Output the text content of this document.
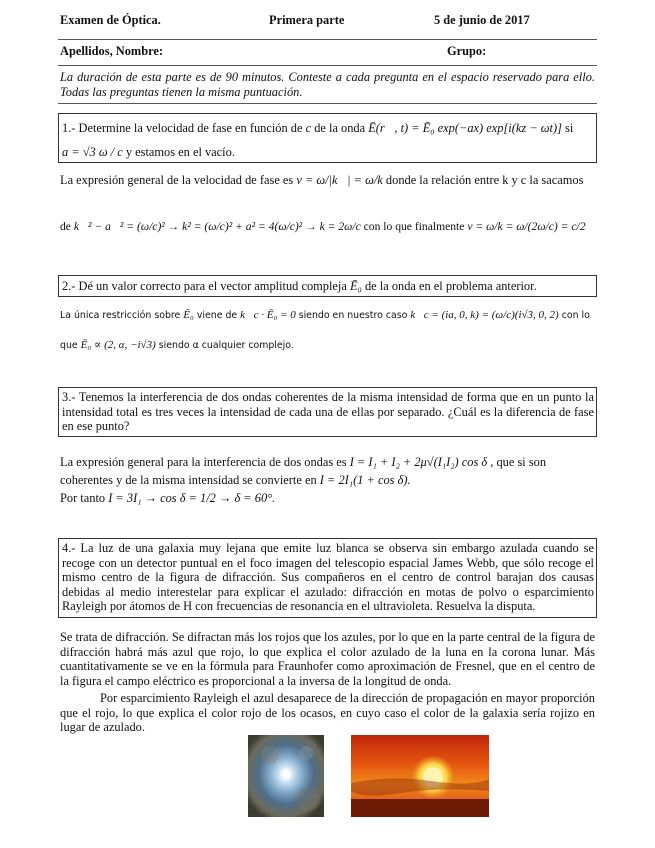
Examen de Óptica.	Primera parte	5 de junio de 2017
Apellidos, Nombre:	Grupo:
La duración de esta parte es de 90 minutos. Conteste a cada pregunta en el espacio reservado para ello. Todas las preguntas tienen la misma puntuación.
1.- Determine la velocidad de fase en función de c de la onda Ē(r⃗, t) = Ē₀ exp(−ax) exp[i(kz − ωt)] si
a = √3 ω / c y estamos en el vacío.
La expresión general de la velocidad de fase es v = ω/|k⃗| = ω/k donde la relación entre k y c la sacamos
de k⃗² − a⃗² = (ω/c)² → k² = (ω/c)² + a² = 4(ω/c)² → k = 2ω/c con lo que finalmente v = ω/k = ω/(2ω/c) = c/2
2.- Dé un valor correcto para el vector amplitud compleja Ē₀ de la onda en el problema anterior.
La única restricción sobre Ē₀ viene de k⃗c · Ē₀ = 0 siendo en nuestro caso k⃗c = (ia, 0, k) = (ω/c)(i√3, 0, 2) con lo
que Ē₀ ∝ (2, α, −i√3) siendo α cualquier complejo.
3.- Tenemos la interferencia de dos ondas coherentes de la misma intensidad de forma que en un punto la intensidad total es tres veces la intensidad de cada una de ellas por separado. ¿Cuál es la diferencia de fase en ese punto?
La expresión general para la interferencia de dos ondas es I = I₁ + I₂ + 2μ√(I₁I₂) cos δ , que si son
coherentes y de la misma intensidad se convierte en I = 2I₁(1 + cos δ).
Por tanto I = 3I₁ → cos δ = 1/2 → δ = 60°.
4.- La luz de una galaxia muy lejana que emite luz blanca se observa sin embargo azulada cuando se recoge con un detector puntual en el foco imagen del telescopio espacial James Webb, que sólo recoge el mismo centro de la figura de difracción. Sus compañeros en el centro de control barajan dos causas debidas al medio interestelar para explicar el azulado: difracción en motas de polvo o esparcimiento Rayleigh por átomos de H con frecuencias de resonancia en el ultravioleta. Resuelva la disputa.
Se trata de difracción. Se difractan más los rojos que los azules, por lo que en la parte central de la figura de difracción habrá más azul que rojo, lo que explica el color azulado de la luna en la corona lunar. Más cuantitativamente se ve en la fórmula para Fraunhofer como aproximación de Fresnel, que en el centro de la figura el campo eléctrico es proporcional a la inversa de la longitud de onda.
Por esparcimiento Rayleigh el azul desaparece de la dirección de propagación en mayor proporción que el rojo, lo que explica el color rojo de los ocasos, en cuyo caso el color de la galaxia sería rojizo en lugar de azulado.
